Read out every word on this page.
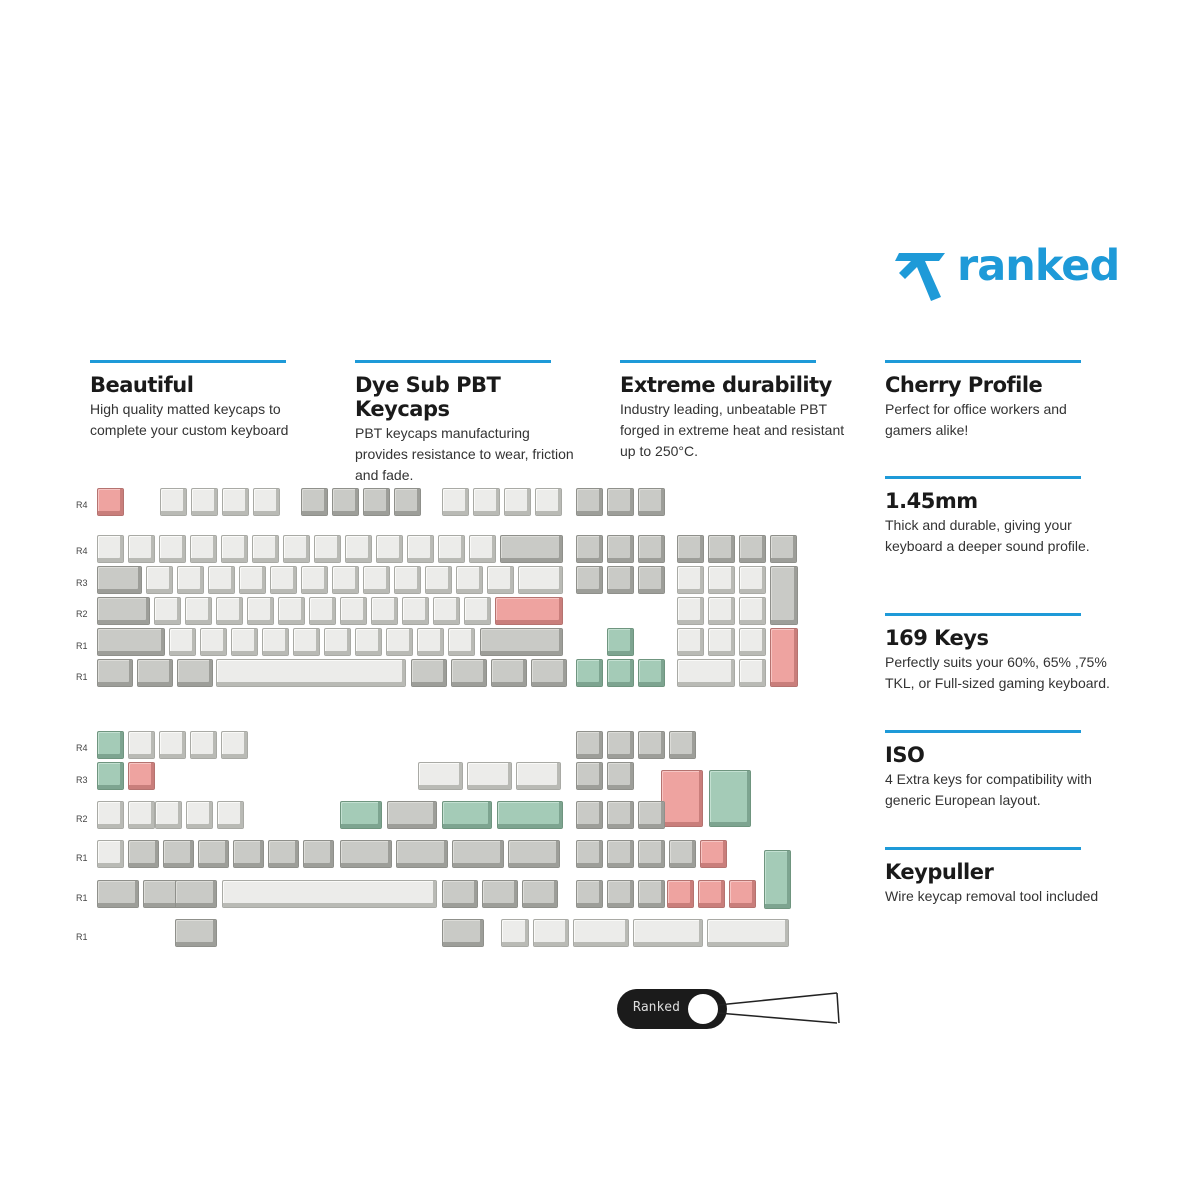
ranked
Beautiful

High quality matted keycaps to complete your custom keyboard

Dye Sub PBT Keycaps

PBT keycaps manufacturing provides resistance to wear, friction and fade.

Extreme durability

Industry leading, unbeatable PBT forged in extreme heat and resistant up to 250°C.

Cherry Profile

Perfect for office workers and gamers alike!

1.45mm

Thick and durable, giving your keyboard a deeper sound profile.

169 Keys

Perfectly suits your 60%, 65% ,75% TKL, or Full-sized gaming keyboard.

ISO

4 Extra keys for compatibility with generic European layout.

Keypuller

Wire keycap removal tool included

R4
R4
R3
R2
R1
R1
R4
R3
R2
R1
R1
R1
Ranked
